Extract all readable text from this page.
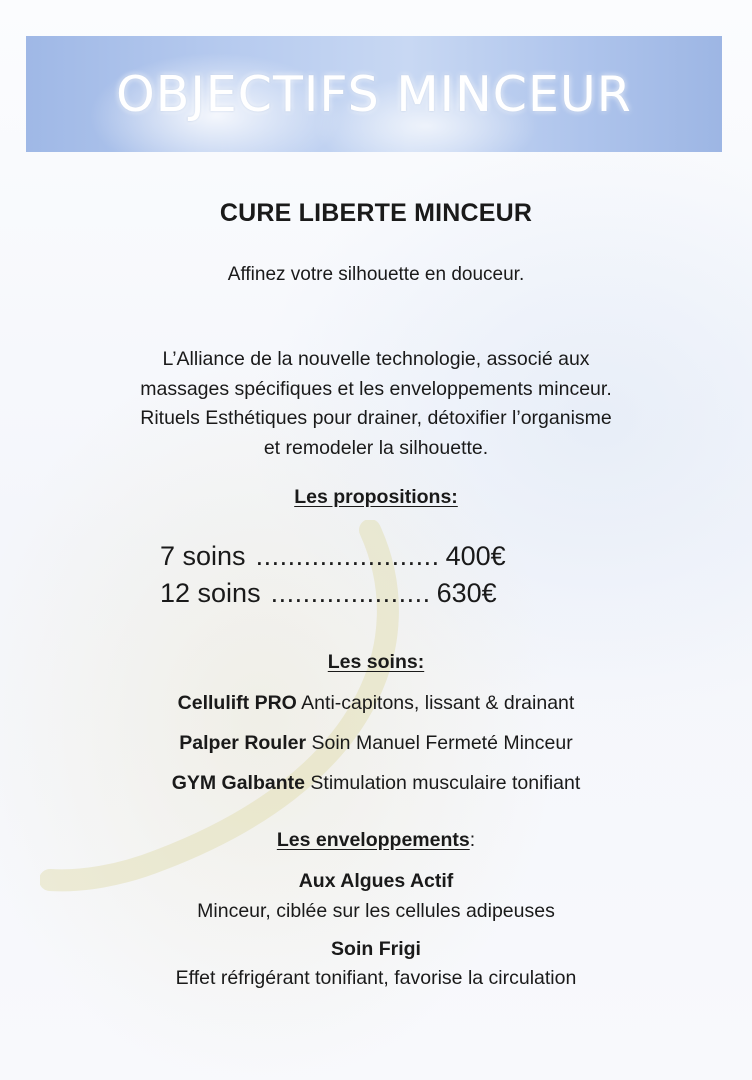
OBJECTIFS MINCEUR
CURE LIBERTE MINCEUR
Affinez votre silhouette en douceur.
L’Alliance de la nouvelle technologie, associé aux
massages spécifiques et les enveloppements minceur.
Rituels Esthétiques pour drainer, détoxifier l’organisme
et remodeler la silhouette.
Les propositions:
7 soins ....................... 400€
12 soins .................... 630€
Les soins:
Cellulift PRO Anti-capitons, lissant & drainant
Palper Rouler Soin Manuel Fermeté Minceur
GYM Galbante Stimulation musculaire tonifiant
Les enveloppements:
Aux Algues Actif
Minceur, ciblée sur les cellules adipeuses
Soin Frigi
Effet réfrigérant tonifiant, favorise la circulation
